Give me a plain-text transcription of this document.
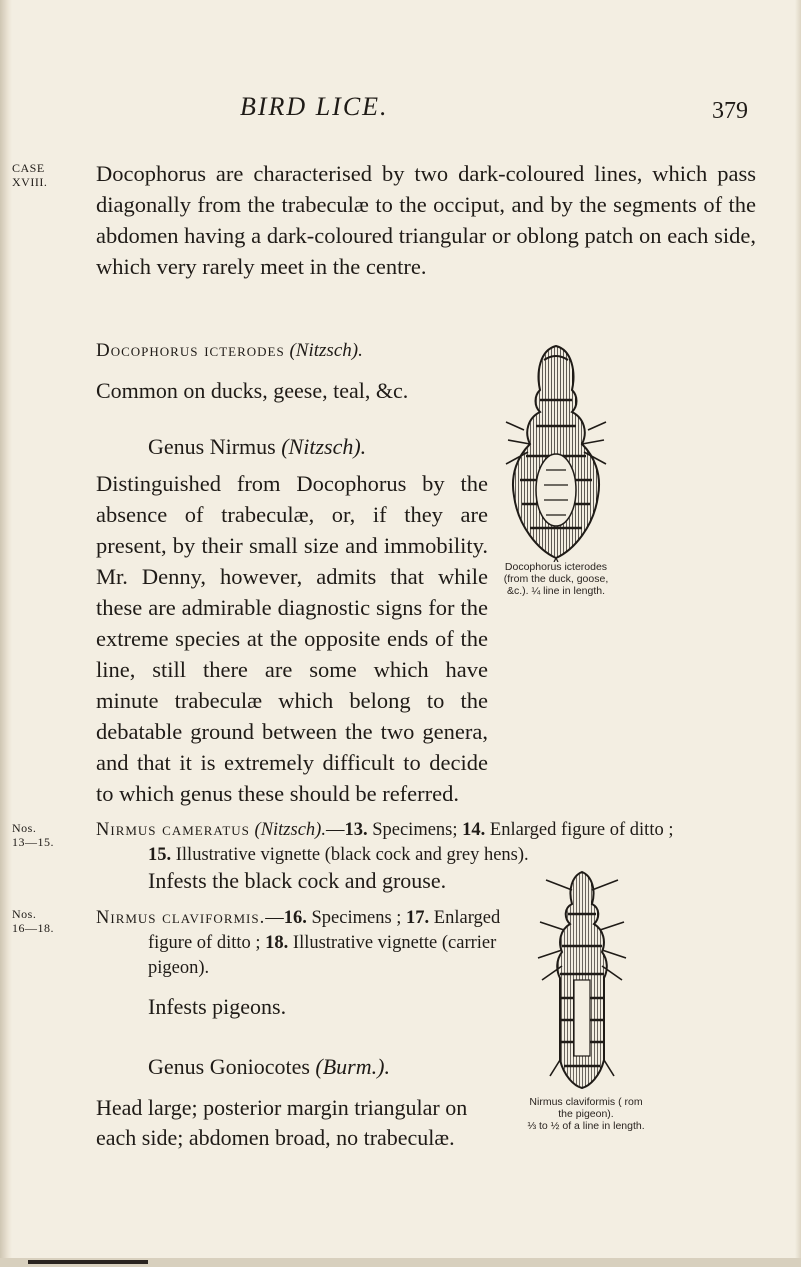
BIRD LICE.	379
CASE
XVIII.
Nos.
13—15.
Nos.
16—18.
Docophorus are characterised by two dark-coloured lines, which pass diagonally from the trabeculæ to the occiput, and by the segments of the abdomen having a dark-coloured triangular or oblong patch on each side, which very rarely meet in the centre.
Docophorus icterodes (Nitzsch).
Common on ducks, geese, teal, &c.
Genus Nirmus (Nitzsch).
Distinguished from Docophorus by the absence of trabeculæ, or, if they are present, by their small size and immobility. Mr. Denny, however, admits that while these are admirable diagnostic signs for the extreme species at the opposite ends of the line, still there are some which have minute trabeculæ which belong to the debatable ground between the two genera, and that it is extremely difficult to decide to which genus these should be referred.
Docophorus icterodes
(from the duck, goose,
&c.). ¼ line in length.
Nirmus cameratus (Nitzsch).—13. Specimens; 14. Enlarged figure of ditto ;
15. Illustrative vignette (black cock and grey hens).
Infests the black cock and grouse.
Nirmus claviformis.—16. Specimens ; 17. Enlarged
figure of ditto ; 18. Illustrative vignette (carrier
pigeon).
Infests pigeons.
Genus Goniocotes (Burm.).
Head large; posterior margin triangular on
each side; abdomen broad, no trabeculæ.
Nirmus claviformis ( rom
the pigeon).
⅓ to ½ of a line in length.
